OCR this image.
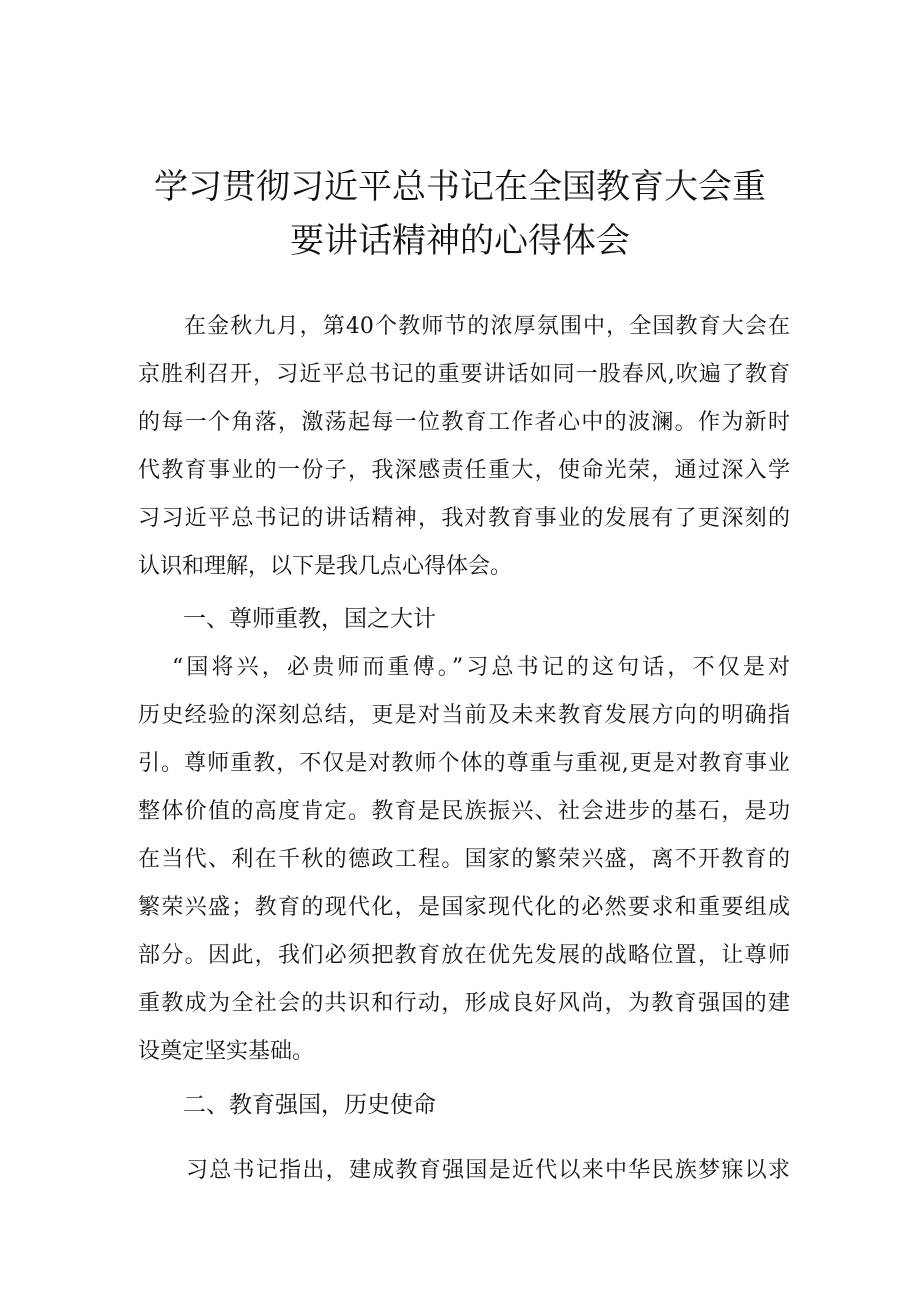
学习贯彻习近平总书记在全国教育大会重
要讲话精神的心得体会
在金秋九月，第40个教师节的浓厚氛围中，全国教育大会在
京胜利召开，习近平总书记的重要讲话如同一股春风,吹遍了教育
的每一个角落，激荡起每一位教育工作者心中的波澜。作为新时
代教育事业的一份子，我深感责任重大，使命光荣，通过深入学
习习近平总书记的讲话精神，我对教育事业的发展有了更深刻的
认识和理解，以下是我几点心得体会。
一、尊师重教，国之大计
“国将兴，必贵师而重傅。”习总书记的这句话，不仅是对
历史经验的深刻总结，更是对当前及未来教育发展方向的明确指
引。尊师重教，不仅是对教师个体的尊重与重视,更是对教育事业
整体价值的高度肯定。教育是民族振兴、社会进步的基石，是功
在当代、利在千秋的德政工程。国家的繁荣兴盛，离不开教育的
繁荣兴盛；教育的现代化，是国家现代化的必然要求和重要组成
部分。因此，我们必须把教育放在优先发展的战略位置，让尊师
重教成为全社会的共识和行动，形成良好风尚，为教育强国的建
设奠定坚实基础。
二、教育强国，历史使命
习总书记指出，建成教育强国是近代以来中华民族梦寐以求
